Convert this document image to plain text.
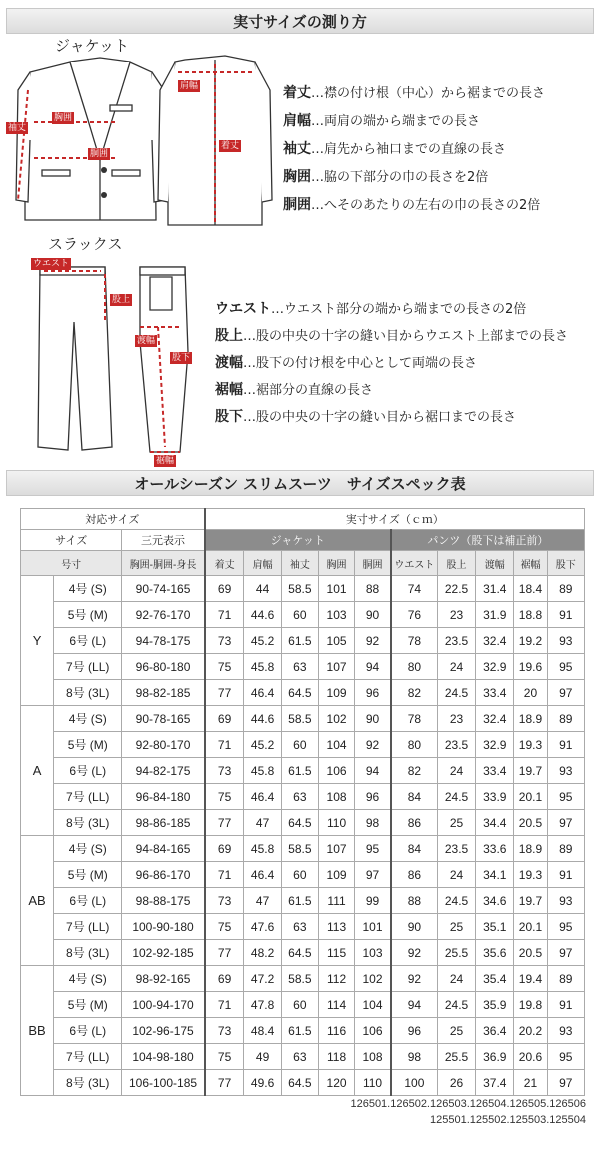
実寸サイズの測り方
ジャケット
袖丈
胸囲
胴囲
肩幅
着丈
着丈…襟の付け根（中心）から裾までの長さ
肩幅…両肩の端から端までの長さ
袖丈…肩先から袖口までの直線の長さ
胸囲…脇の下部分の巾の長さを2倍
胴囲…へそのあたりの左右の巾の長さの2倍
スラックス
ウエスト
股上
渡幅
股下
裾幅
ウエスト…ウエスト部分の端から端までの長さの2倍
股上…股の中央の十字の縫い目からウエスト上部までの長さ
渡幅…股下の付け根を中心として両端の長さ
裾幅…裾部分の直線の長さ
股下…股の中央の十字の縫い目から裾口までの長さ
オールシーズン スリムスーツ　サイズスペック表
対応サイズ			実寸サイズ（ｃｍ）									
サイズ		三元表示	ジャケット					パンツ（股下は補正前）				
号寸		胸囲-胴囲-身長	着丈	肩幅	袖丈	胸囲	胴囲	ウエスト	股上	渡幅	裾幅	股下
Y	4号 (S)	90-74-165	69	44	58.5	101	88	74	22.5	31.4	18.4	89
	5号 (M)	92-76-170	71	44.6	60	103	90	76	23	31.9	18.8	91
	6号 (L)	94-78-175	73	45.2	61.5	105	92	78	23.5	32.4	19.2	93
	7号 (LL)	96-80-180	75	45.8	63	107	94	80	24	32.9	19.6	95
	8号 (3L)	98-82-185	77	46.4	64.5	109	96	82	24.5	33.4	20	97
A	4号 (S)	90-78-165	69	44.6	58.5	102	90	78	23	32.4	18.9	89
	5号 (M)	92-80-170	71	45.2	60	104	92	80	23.5	32.9	19.3	91
	6号 (L)	94-82-175	73	45.8	61.5	106	94	82	24	33.4	19.7	93
	7号 (LL)	96-84-180	75	46.4	63	108	96	84	24.5	33.9	20.1	95
	8号 (3L)	98-86-185	77	47	64.5	110	98	86	25	34.4	20.5	97
AB	4号 (S)	94-84-165	69	45.8	58.5	107	95	84	23.5	33.6	18.9	89
	5号 (M)	96-86-170	71	46.4	60	109	97	86	24	34.1	19.3	91
	6号 (L)	98-88-175	73	47	61.5	111	99	88	24.5	34.6	19.7	93
	7号 (LL)	100-90-180	75	47.6	63	113	101	90	25	35.1	20.1	95
	8号 (3L)	102-92-185	77	48.2	64.5	115	103	92	25.5	35.6	20.5	97
BB	4号 (S)	98-92-165	69	47.2	58.5	112	102	92	24	35.4	19.4	89
	5号 (M)	100-94-170	71	47.8	60	114	104	94	24.5	35.9	19.8	91
	6号 (L)	102-96-175	73	48.4	61.5	116	106	96	25	36.4	20.2	93
	7号 (LL)	104-98-180	75	49	63	118	108	98	25.5	36.9	20.6	95
	8号 (3L)	106-100-185	77	49.6	64.5	120	110	100	26	37.4	21	97
126501.126502.126503.126504.126505.126506
125501.125502.125503.125504
